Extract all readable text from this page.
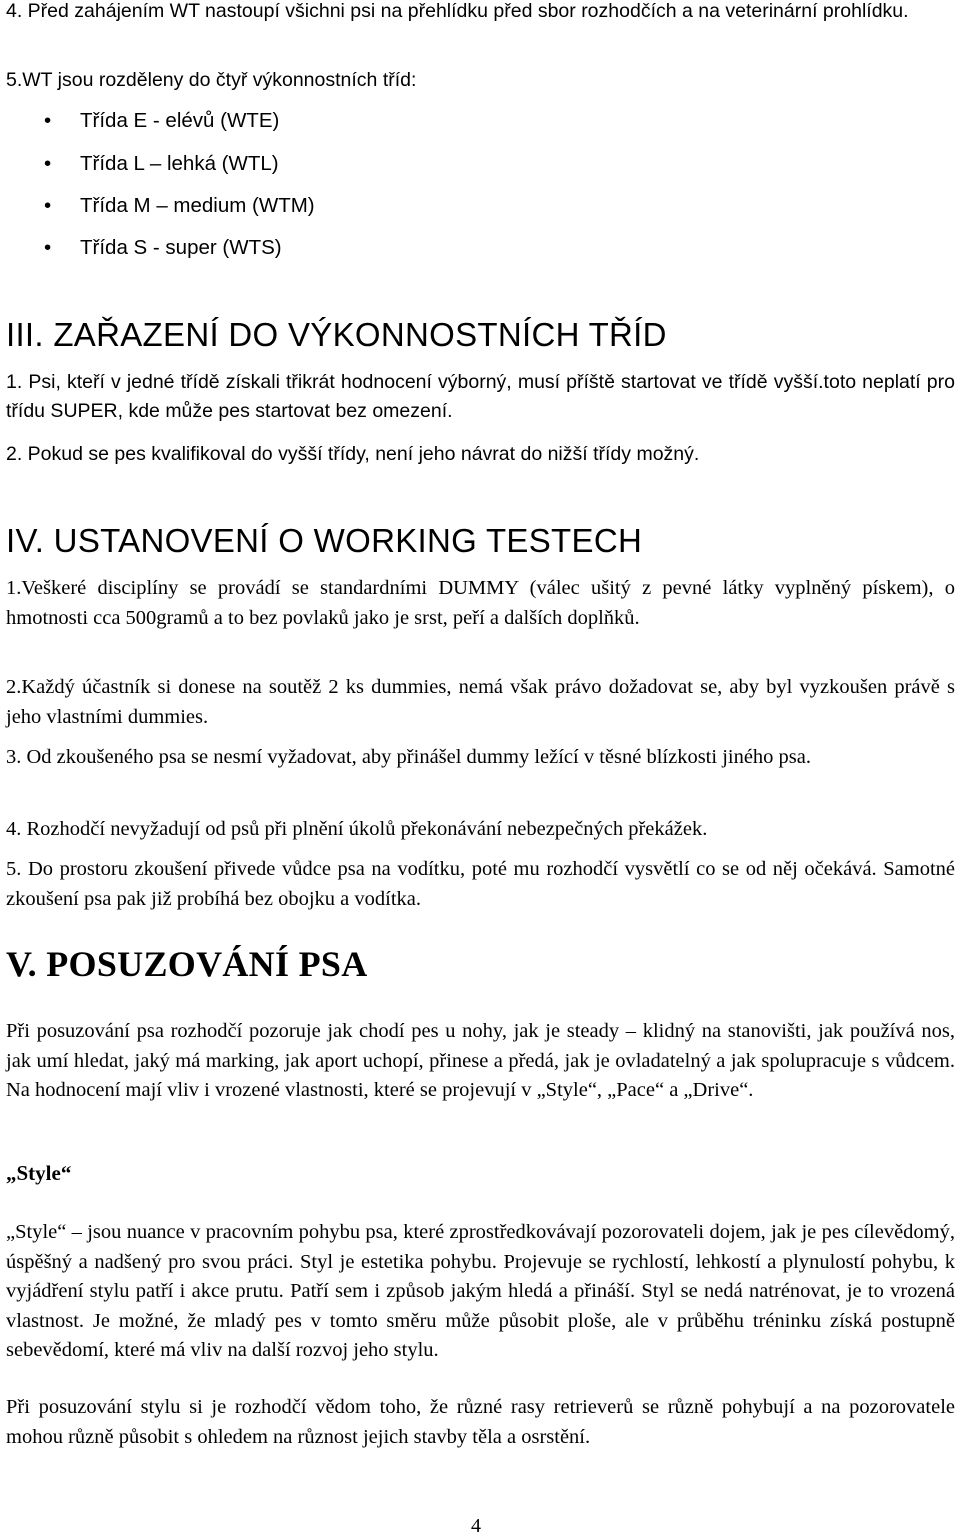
4. Před zahájením WT nastoupí všichni psi na přehlídku před sbor rozhodčích a na veterinární prohlídku.

5.WT jsou rozděleny do čtyř výkonnostních tříd:

• Třída E - elévů (WTE)
• Třída L – lehká (WTL)
• Třída M – medium (WTM)
• Třída S - super (WTS)
III. ZAŘAZENÍ DO VÝKONNOSTNÍCH TŘÍD

1. Psi, kteří v jedné třídě získali třikrát hodnocení výborný, musí příště startovat ve třídě vyšší.toto neplatí pro třídu SUPER, kde může pes startovat bez omezení.

2. Pokud se pes kvalifikoval do vyšší třídy, není jeho návrat do nižší třídy možný.

IV. USTANOVENÍ O WORKING TESTECH

1.Veškeré disciplíny se provádí se standardními DUMMY (válec ušitý z pevné látky vyplněný pískem), o hmotnosti cca 500gramů a to bez povlaků jako je srst, peří a dalších doplňků.

2.Každý účastník si donese na soutěž 2 ks dummies, nemá však právo dožadovat se, aby byl vyzkoušen právě s jeho vlastními dummies.

3. Od zkoušeného psa se nesmí vyžadovat, aby přinášel dummy ležící v těsné blízkosti jiného psa.

4. Rozhodčí nevyžadují od psů při plnění úkolů překonávání nebezpečných překážek.

5. Do prostoru zkoušení přivede vůdce psa na vodítku, poté mu rozhodčí vysvětlí co se od něj očekává. Samotné zkoušení psa pak již probíhá bez obojku a vodítka.

V. POSUZOVÁNÍ PSA

Při posuzování psa rozhodčí pozoruje jak chodí pes u nohy, jak je steady – klidný na stanovišti, jak používá nos, jak umí hledat, jaký má marking, jak aport uchopí, přinese a předá, jak je ovladatelný a jak spolupracuje s vůdcem. Na hodnocení mají vliv i vrozené vlastnosti, které se projevují v „Style“, „Pace“ a „Drive“.

„Style“

„Style“ – jsou nuance v pracovním pohybu psa, které zprostředkovávají pozorovateli dojem, jak je pes cílevědomý, úspěšný a nadšený pro svou práci. Styl je estetika pohybu. Projevuje se rychlostí, lehkostí a plynulostí pohybu, k vyjádření stylu patří i akce prutu. Patří sem i způsob jakým hledá a přináší. Styl se nedá natrénovat, je to vrozená vlastnost. Je možné, že mladý pes v tomto směru může působit ploše, ale v průběhu tréninku získá postupně sebevědomí, které má vliv na další rozvoj jeho stylu.

Při posuzování stylu si je rozhodčí vědom toho, že různé rasy retrieverů se různě pohybují a na pozorovatele mohou různě působit s ohledem na různost jejich stavby těla a osrstění.

4
